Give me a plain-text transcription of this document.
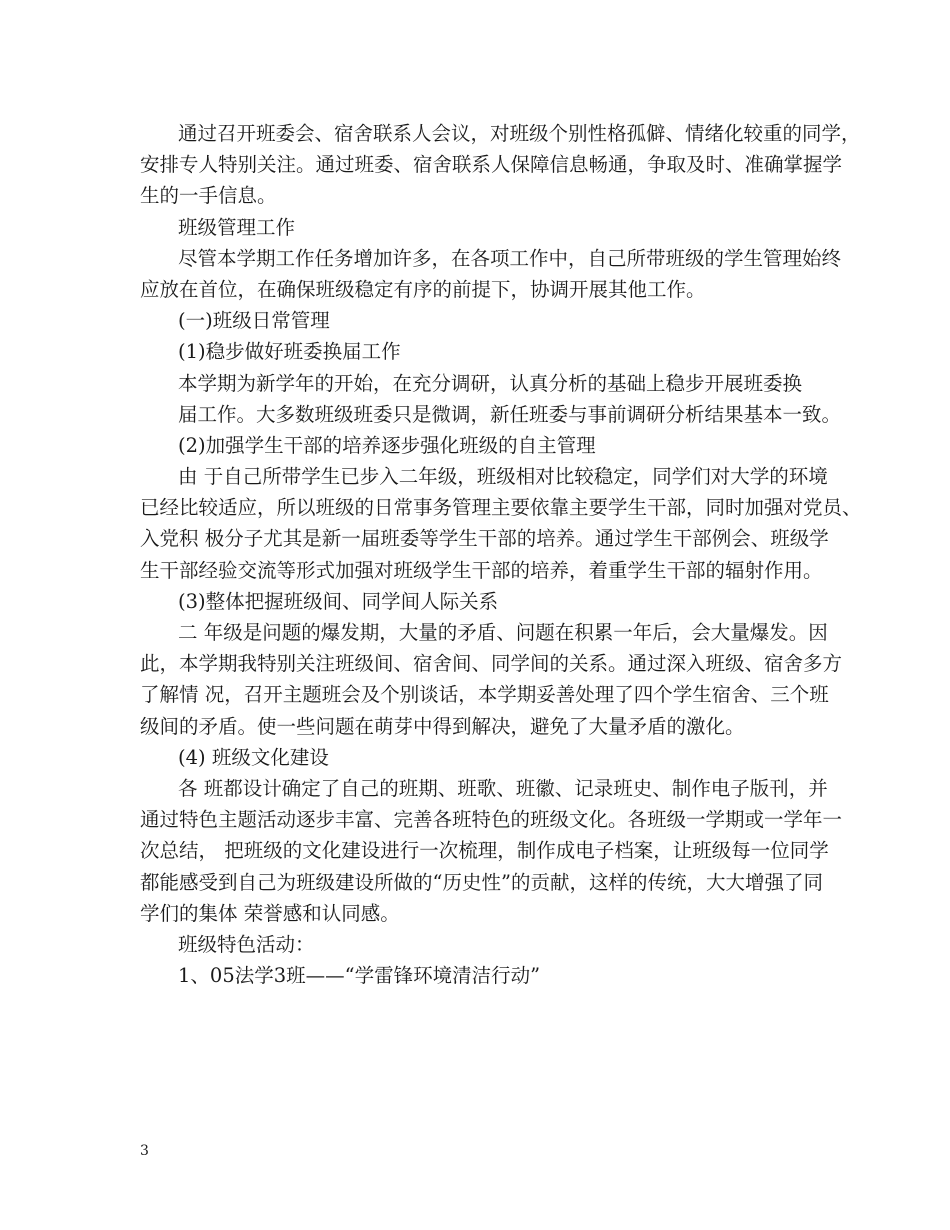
通过召开班委会、宿舍联系人会议，对班级个别性格孤僻、情绪化较重的同学，
安排专人特别关注。通过班委、宿舍联系人保障信息畅通，争取及时、准确掌握学
生的一手信息。
班级管理工作
尽管本学期工作任务增加许多，在各项工作中，自己所带班级的学生管理始终
应放在首位，在确保班级稳定有序的前提下，协调开展其他工作。
(一)班级日常管理
(1)稳步做好班委换届工作
本学期为新学年的开始，在充分调研，认真分析的基础上稳步开展班委换
届工作。大多数班级班委只是微调，新任班委与事前调研分析结果基本一致。
(2)加强学生干部的培养逐步强化班级的自主管理
由 于自己所带学生已步入二年级，班级相对比较稳定，同学们对大学的环境
已经比较适应，所以班级的日常事务管理主要依靠主要学生干部，同时加强对党员、
入党积 极分子尤其是新一届班委等学生干部的培养。通过学生干部例会、班级学
生干部经验交流等形式加强对班级学生干部的培养，着重学生干部的辐射作用。
(3)整体把握班级间、同学间人际关系
二 年级是问题的爆发期，大量的矛盾、问题在积累一年后，会大量爆发。因
此，本学期我特别关注班级间、宿舍间、同学间的关系。通过深入班级、宿舍多方
了解情 况，召开主题班会及个别谈话，本学期妥善处理了四个学生宿舍、三个班
级间的矛盾。使一些问题在萌芽中得到解决，避免了大量矛盾的激化。
(4) 班级文化建设
各 班都设计确定了自己的班期、班歌、班徽、记录班史、制作电子版刊，并
通过特色主题活动逐步丰富、完善各班特色的班级文化。各班级一学期或一学年一
次总结， 把班级的文化建设进行一次梳理，制作成电子档案，让班级每一位同学
都能感受到自己为班级建设所做的“历史性”的贡献，这样的传统，大大增强了同
学们的集体 荣誉感和认同感。
班级特色活动：
1、05法学3班——“学雷锋环境清洁行动”
3
